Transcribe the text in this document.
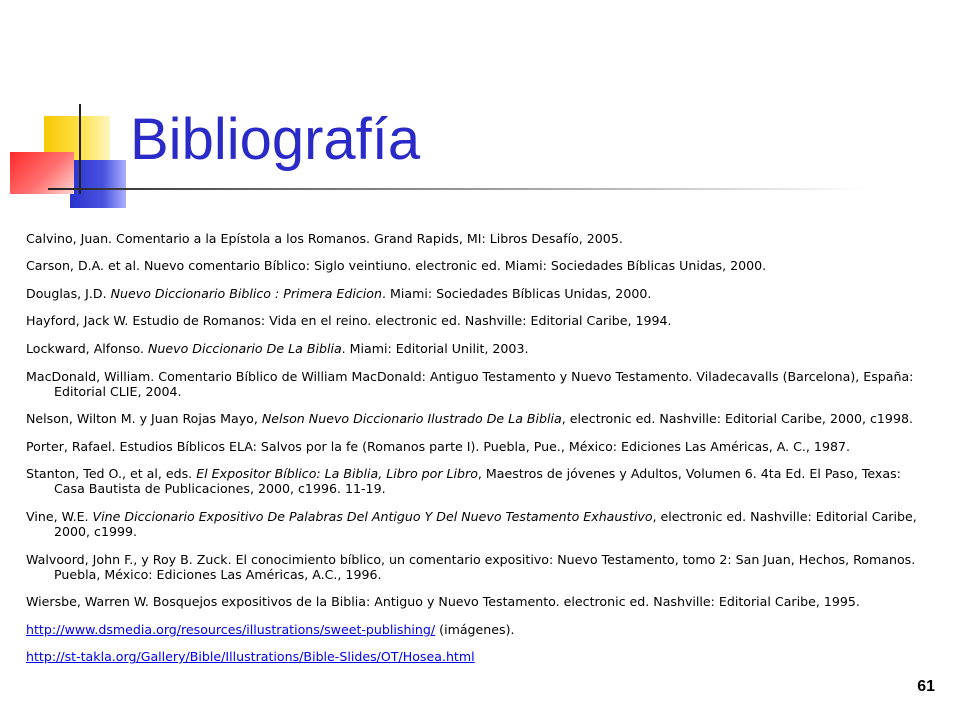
Bibliografía

Calvino, Juan. Comentario a la Epístola a los Romanos. Grand Rapids, MI: Libros Desafío, 2005.

Carson, D.A. et al. Nuevo comentario Bíblico: Siglo veintiuno. electronic ed. Miami: Sociedades Bíblicas Unidas, 2000.

Douglas, J.D. Nuevo Diccionario Biblico : Primera Edicion. Miami: Sociedades Bíblicas Unidas, 2000.

Hayford, Jack W. Estudio de Romanos: Vida en el reino. electronic ed. Nashville: Editorial Caribe, 1994.

Lockward, Alfonso. Nuevo Diccionario De La Biblia. Miami: Editorial Unilit, 2003.

MacDonald, William. Comentario Bíblico de William MacDonald: Antiguo Testamento y Nuevo Testamento. Viladecavalls (Barcelona), España: Editorial CLIE, 2004.

Nelson, Wilton M. y Juan Rojas Mayo, Nelson Nuevo Diccionario Ilustrado De La Biblia, electronic ed. Nashville: Editorial Caribe, 2000, c1998.

Porter, Rafael. Estudios Bíblicos ELA: Salvos por la fe (Romanos parte I). Puebla, Pue., México: Ediciones Las Américas, A. C., 1987.

Stanton, Ted O., et al, eds. El Expositor Bíblico: La Biblia, Libro por Libro, Maestros de jóvenes y Adultos, Volumen 6. 4ta Ed. El Paso, Texas: Casa Bautista de Publicaciones, 2000, c1996. 11-19.

Vine, W.E. Vine Diccionario Expositivo De Palabras Del Antiguo Y Del Nuevo Testamento Exhaustivo, electronic ed. Nashville: Editorial Caribe, 2000, c1999.

Walvoord, John F., y Roy B. Zuck. El conocimiento bíblico, un comentario expositivo: Nuevo Testamento, tomo 2: San Juan, Hechos, Romanos. Puebla, México: Ediciones Las Américas, A.C., 1996.

Wiersbe, Warren W. Bosquejos expositivos de la Biblia: Antiguo y Nuevo Testamento. electronic ed. Nashville: Editorial Caribe, 1995.

http://www.dsmedia.org/resources/illustrations/sweet-publishing/ (imágenes).

http://st-takla.org/Gallery/Bible/Illustrations/Bible-Slides/OT/Hosea.html

61
